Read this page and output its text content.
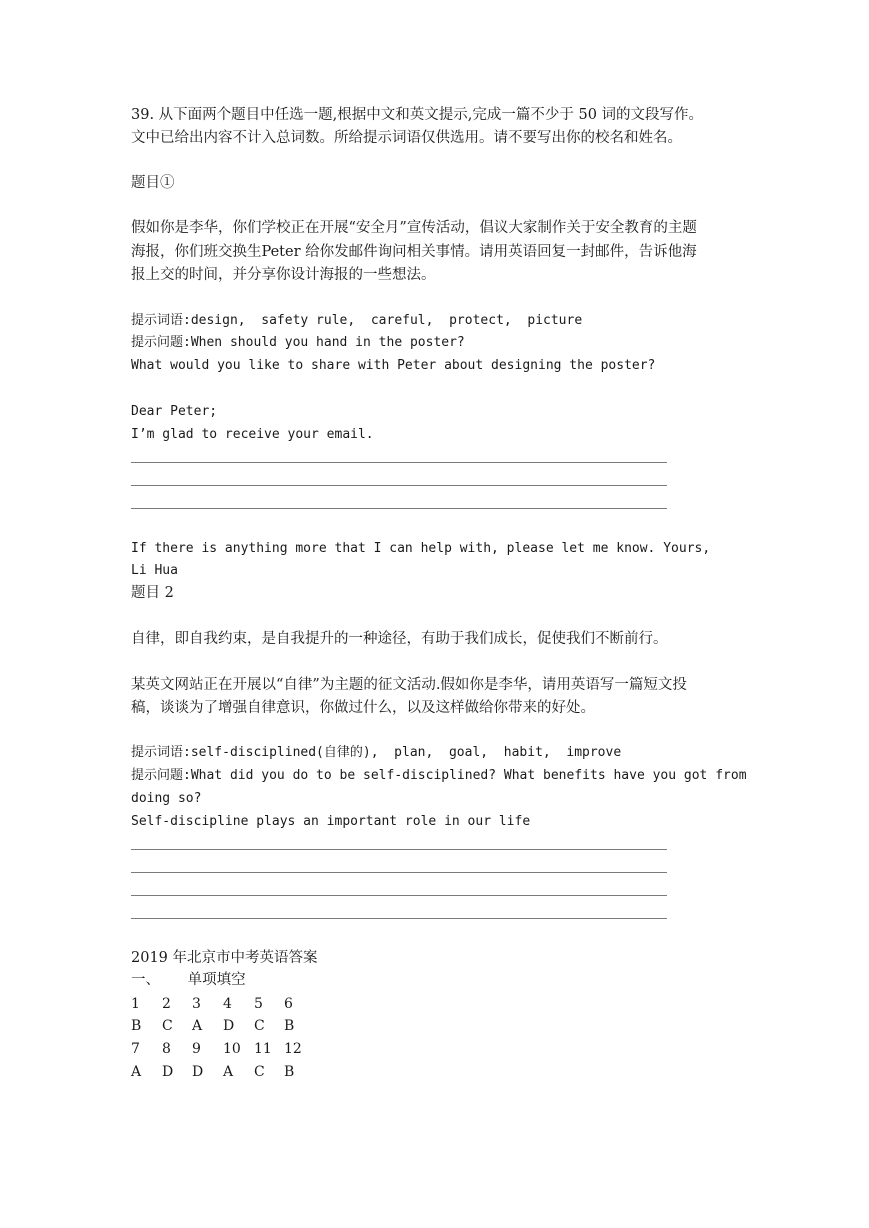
39. 从下面两个题目中任选一题,根据中文和英文提示,完成一篇不少于 50 词的文段写作。
文中已给出内容不计入总词数。所给提示词语仅供选用。请不要写出你的校名和姓名。
题目①
假如你是李华，你们学校正在开展“安全月”宣传活动，倡议大家制作关于安全教育的主题
海报，你们班交换生Peter 给你发邮件询问相关事情。请用英语回复一封邮件，告诉他海
报上交的时间，并分享你设计海报的一些想法。
提示词语:design,  safety rule,  careful,  protect,  picture
提示问题:When should you hand in the poster?
What would you like to share with Peter about designing the poster?
Dear Peter;
I’m glad to receive your email.
If there is anything more that I can help with, please let me know. Yours,
Li Hua
题目 2
自律，即自我约束，是自我提升的一种途径，有助于我们成长，促使我们不断前行。
某英文网站正在开展以“自律”为主题的征文活动.假如你是李华，请用英语写一篇短文投
稿，谈谈为了增强自律意识，你做过什么，以及这样做给你带来的好处。
提示词语:self-disciplined(自律的),  plan,  goal,  habit,  improve
提示问题:What did you do to be self-disciplined? What benefits have you got from
doing so?
Self-discipline plays an important role in our life
2019 年北京市中考英语答案
一、      单项填空
1	2	3	4	5	6
B	C	A	D	C	B
7	8	9	10 11 12
A	D	D	A	C	B
